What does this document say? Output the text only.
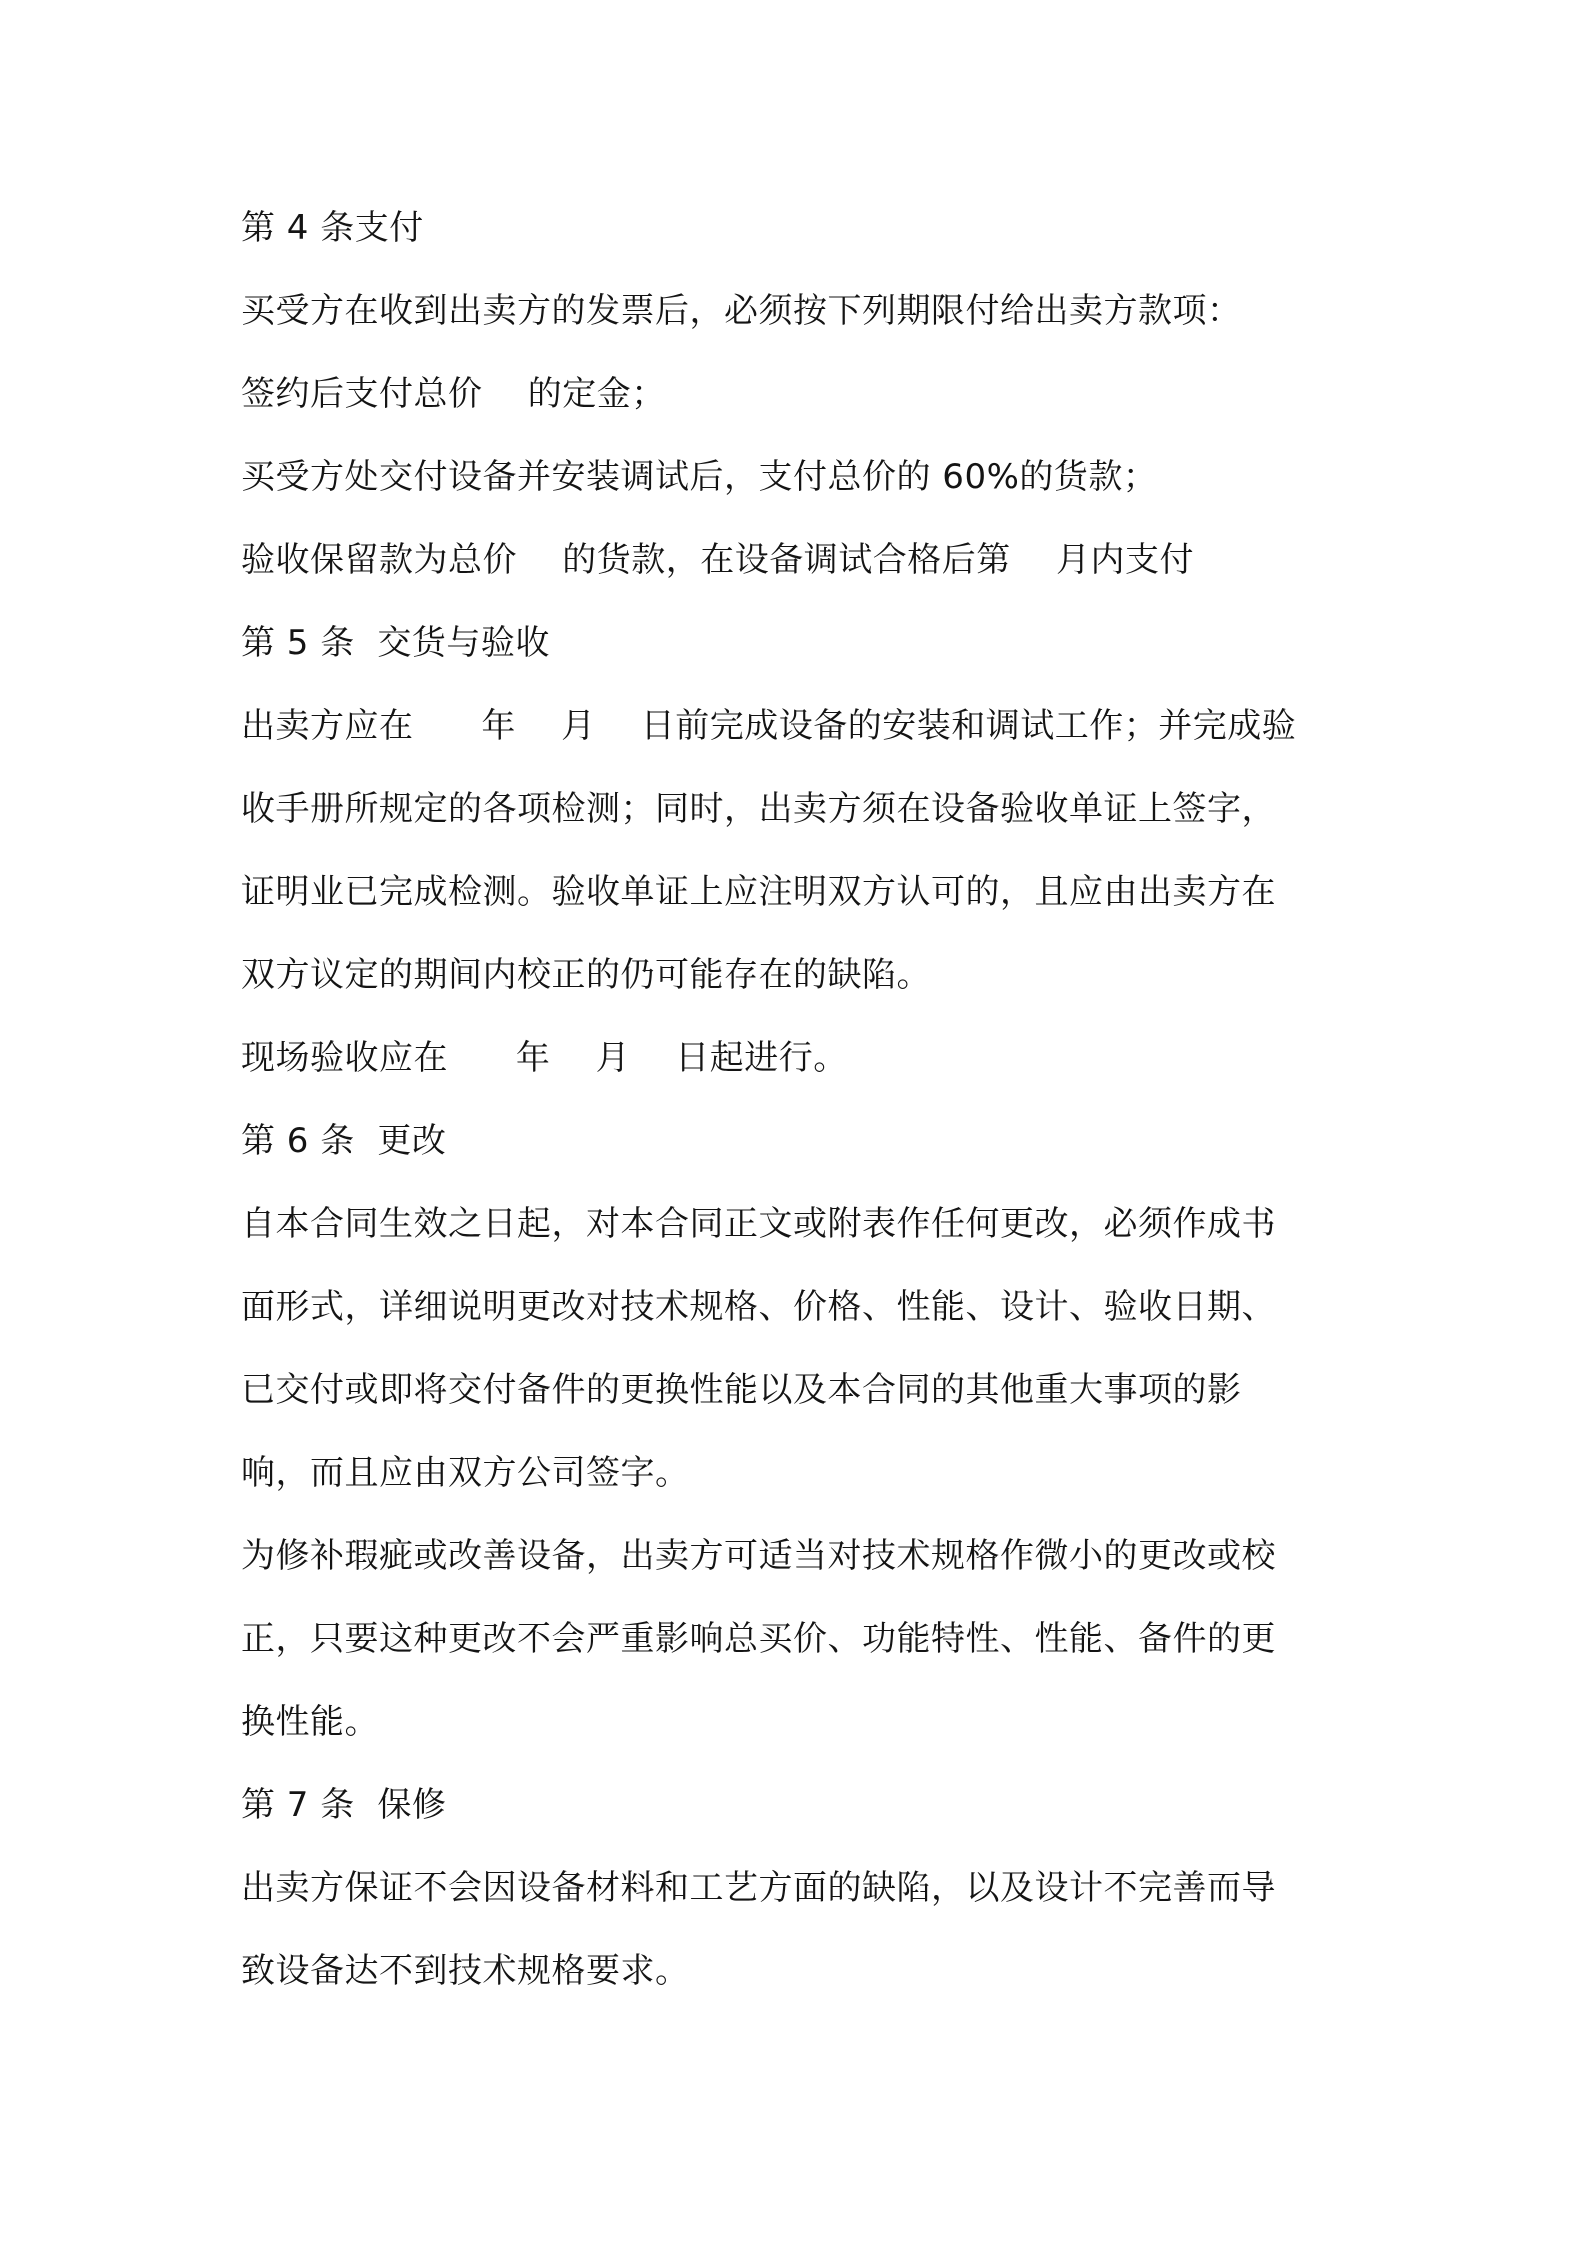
第 4 条支付
买受方在收到出卖方的发票后，必须按下列期限付给出卖方款项：
签约后支付总价    的定金；
买受方处交付设备并安装调试后，支付总价的 60%的货款；
验收保留款为总价    的货款，在设备调试合格后第    月内支付
第 5 条  交货与验收
出卖方应在      年    月    日前完成设备的安装和调试工作；并完成验
收手册所规定的各项检测；同时，出卖方须在设备验收单证上签字，
证明业已完成检测。验收单证上应注明双方认可的，且应由出卖方在
双方议定的期间内校正的仍可能存在的缺陷。
现场验收应在      年    月    日起进行。
第 6 条  更改
自本合同生效之日起，对本合同正文或附表作任何更改，必须作成书
面形式，详细说明更改对技术规格、价格、性能、设计、验收日期、
已交付或即将交付备件的更换性能以及本合同的其他重大事项的影
响，而且应由双方公司签字。
为修补瑕疵或改善设备，出卖方可适当对技术规格作微小的更改或校
正，只要这种更改不会严重影响总买价、功能特性、性能、备件的更
换性能。
第 7 条  保修
出卖方保证不会因设备材料和工艺方面的缺陷，以及设计不完善而导
致设备达不到技术规格要求。
